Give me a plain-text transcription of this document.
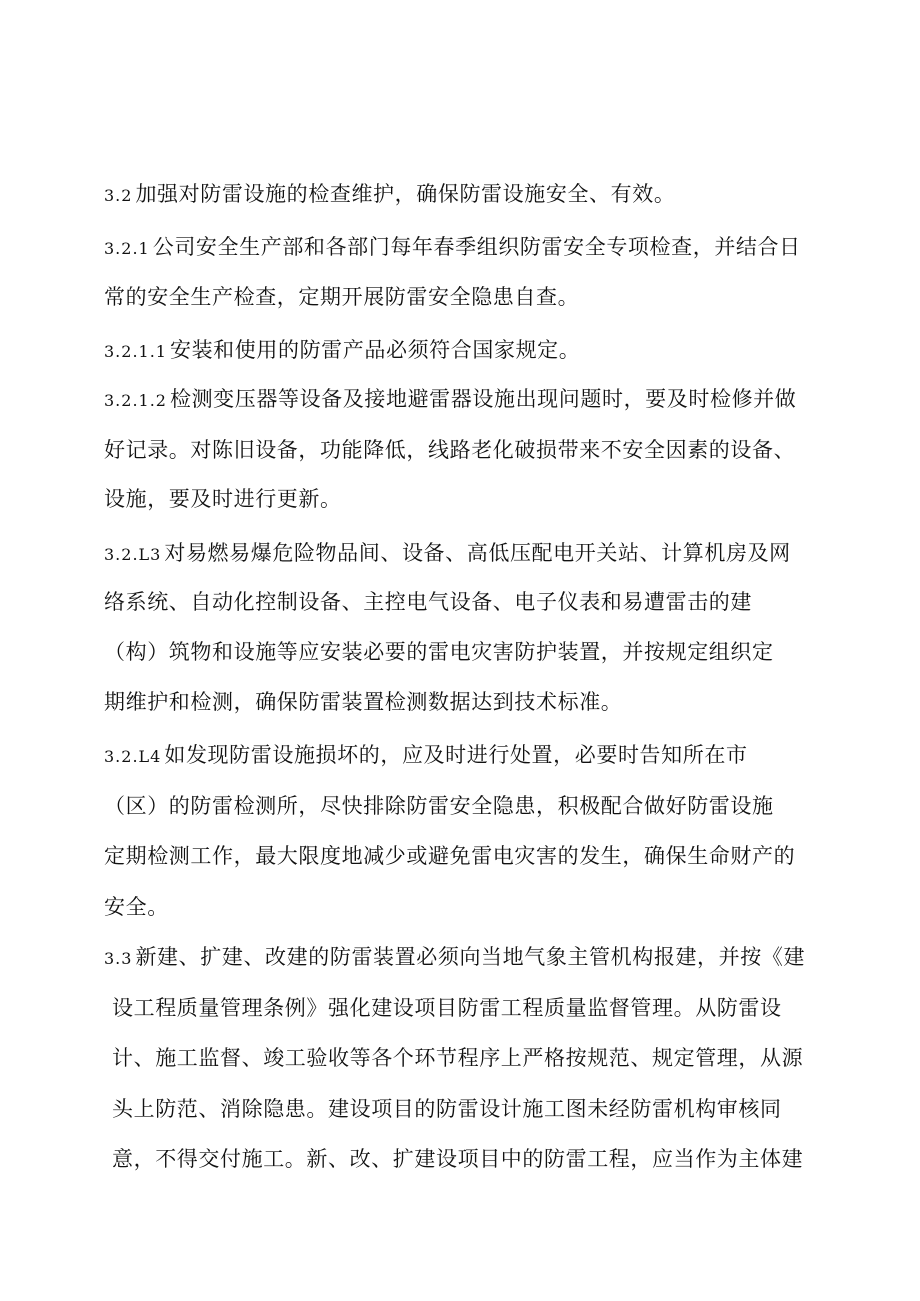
3.2 加强对防雷设施的检查维护，确保防雷设施安全、有效。
3.2.1 公司安全生产部和各部门每年春季组织防雷安全专项检查，并结合日
常的安全生产检查，定期开展防雷安全隐患自查。
3.2.1.1 安装和使用的防雷产品必须符合国家规定。
3.2.1.2 检测变压器等设备及接地避雷器设施出现问题时，要及时检修并做
好记录。对陈旧设备，功能降低，线路老化破损带来不安全因素的设备、
设施，要及时进行更新。
3.2.L3 对易燃易爆危险物品间、设备、高低压配电开关站、计算机房及网
络系统、自动化控制设备、主控电气设备、电子仪表和易遭雷击的建
（构）筑物和设施等应安装必要的雷电灾害防护装置，并按规定组织定
期维护和检测，确保防雷装置检测数据达到技术标准。
3.2.L4 如发现防雷设施损坏的，应及时进行处置，必要时告知所在市
（区）的防雷检测所，尽快排除防雷安全隐患，积极配合做好防雷设施
定期检测工作，最大限度地减少或避免雷电灾害的发生，确保生命财产的
安全。
3.3 新建、扩建、改建的防雷装置必须向当地气象主管机构报建，并按《建
设工程质量管理条例》强化建设项目防雷工程质量监督管理。从防雷设
计、施工监督、竣工验收等各个环节程序上严格按规范、规定管理，从源
头上防范、消除隐患。建设项目的防雷设计施工图未经防雷机构审核同
意，不得交付施工。新、改、扩建设项目中的防雷工程，应当作为主体建
